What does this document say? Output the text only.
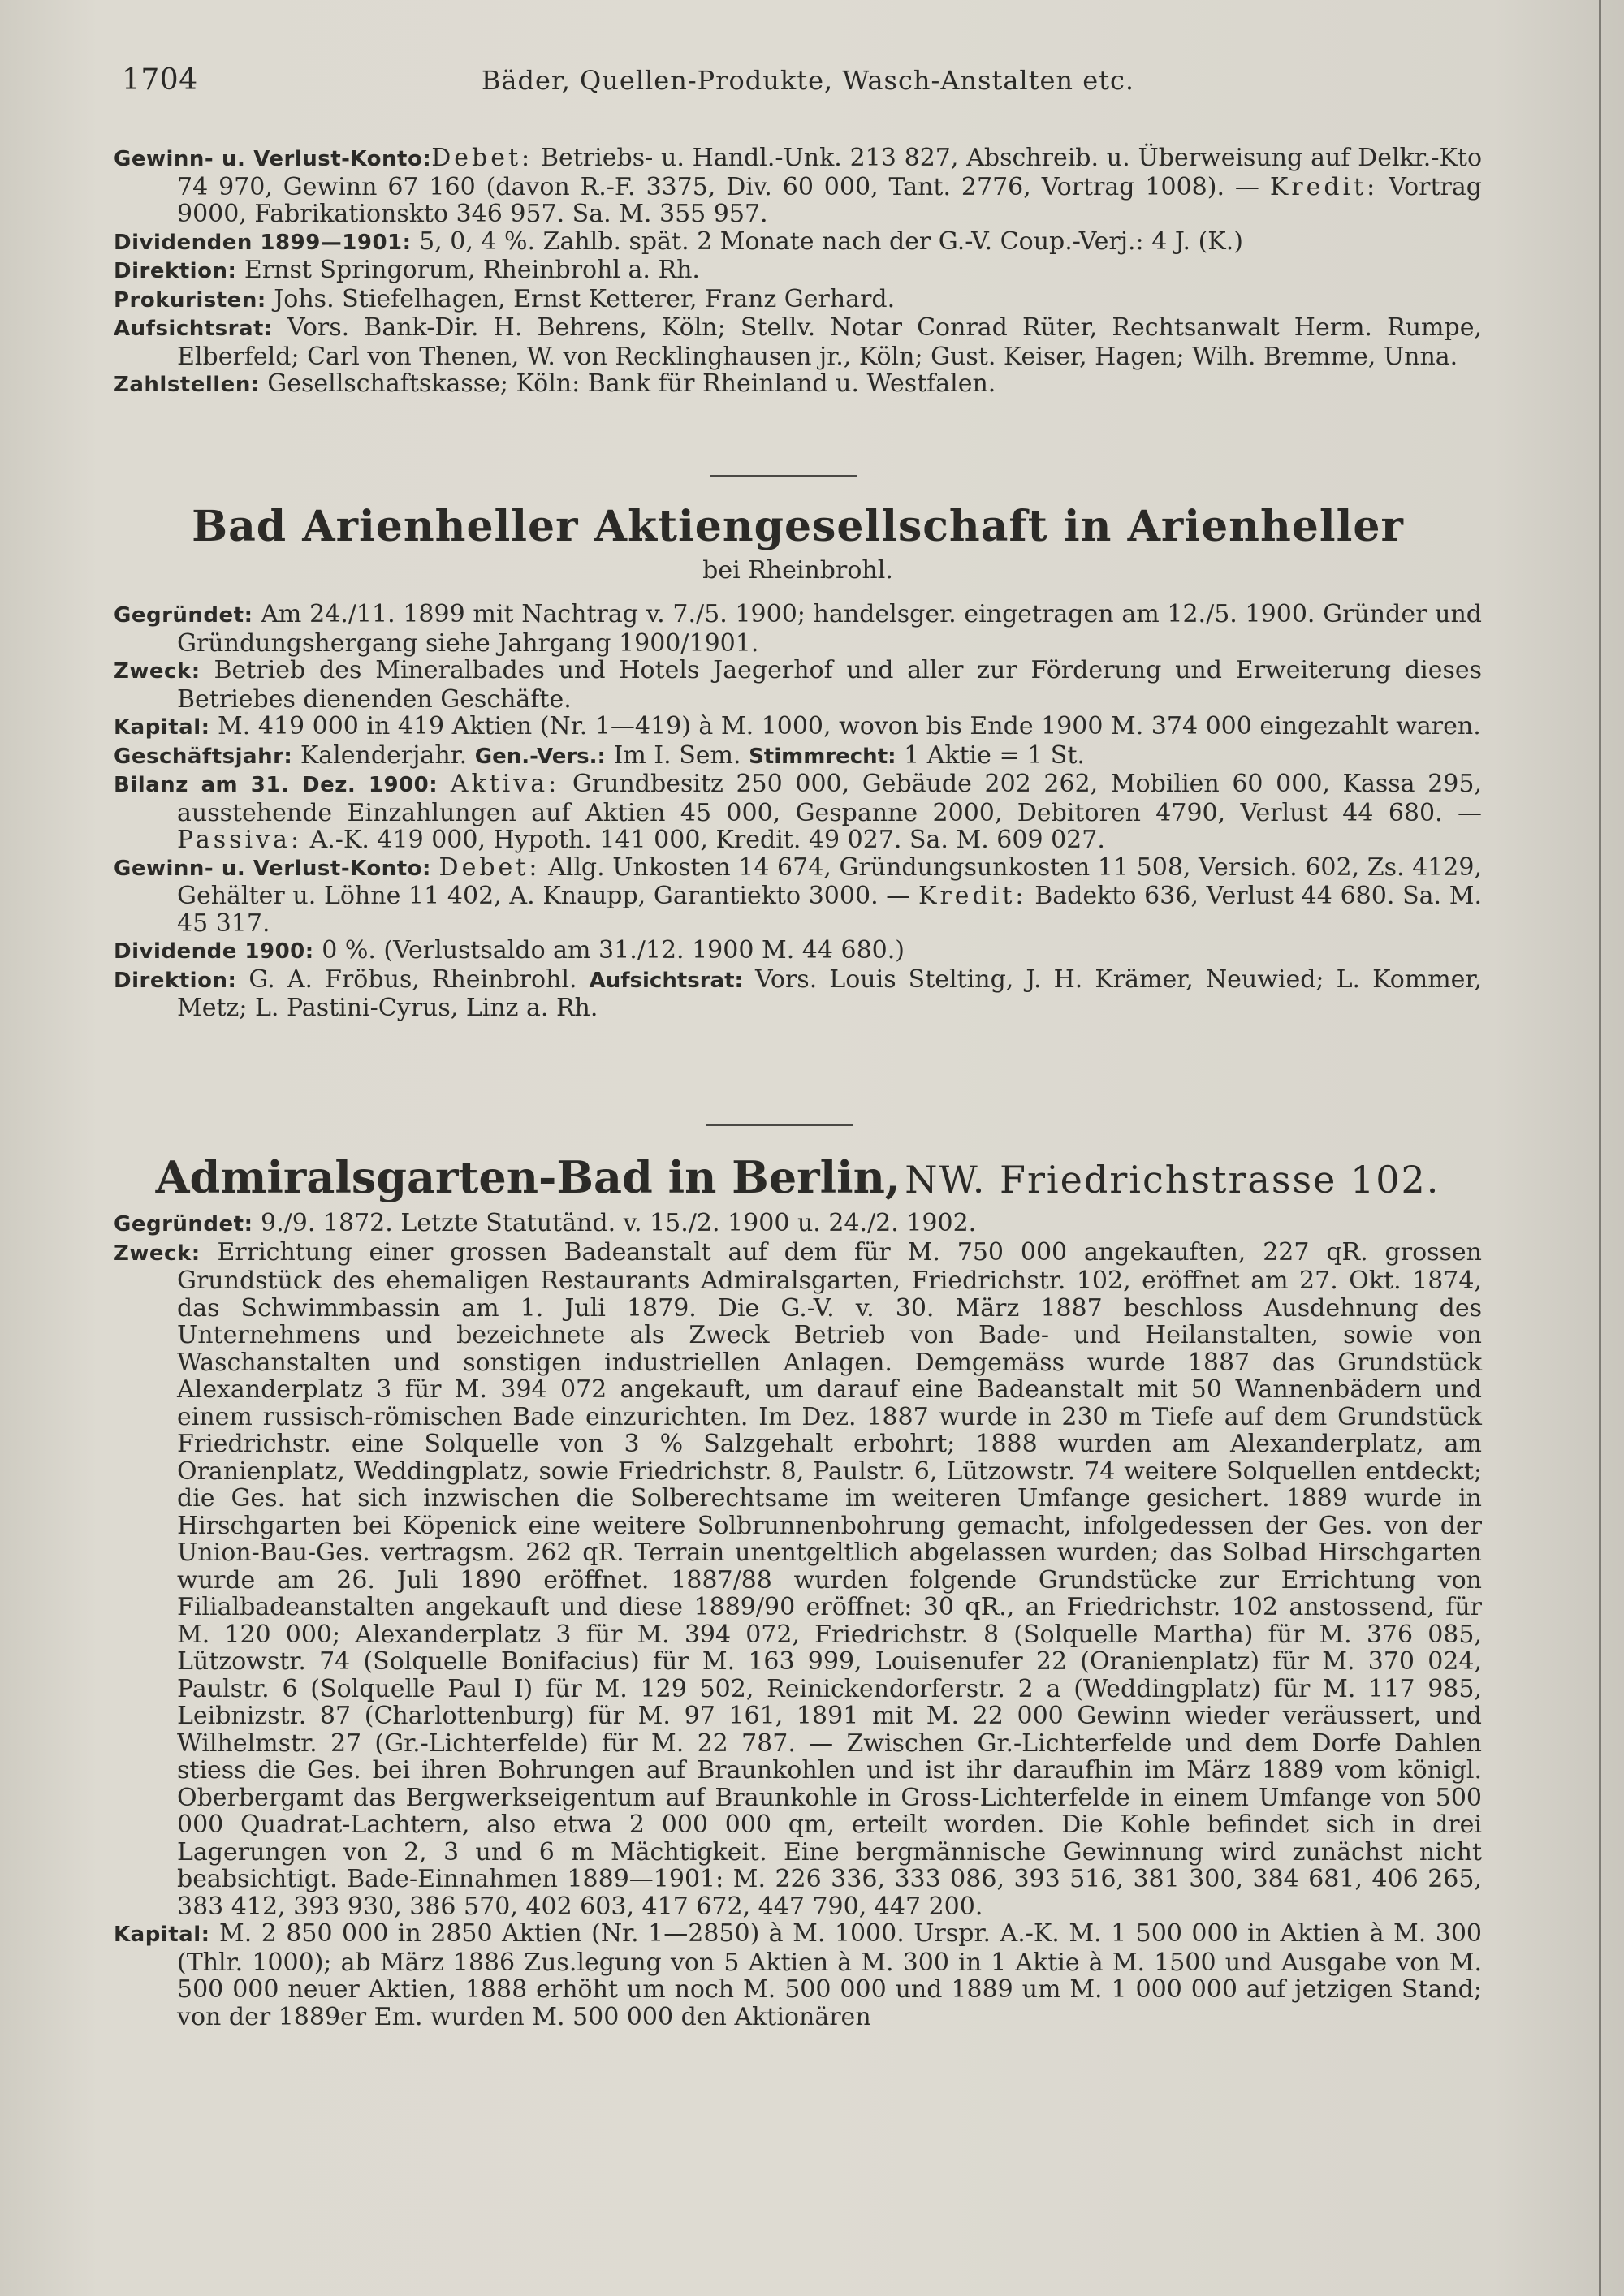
1704	Bäder, Quellen-Produkte, Wasch-Anstalten etc.

Gewinn- u. Verlust-Konto:Debet: Betriebs- u. Handl.-Unk. 213 827, Abschreib. u. Überweisung auf Delkr.-Kto 74 970, Gewinn 67 160 (davon R.-F. 3375, Div. 60 000, Tant. 2776, Vortrag 1008). — Kredit: Vortrag 9000, Fabrikationskto 346 957. Sa. M. 355 957.

Dividenden 1899—1901: 5, 0, 4 %. Zahlb. spät. 2 Monate nach der G.-V. Coup.-Verj.: 4 J. (K.)

Direktion: Ernst Springorum, Rheinbrohl a. Rh.

Prokuristen: Johs. Stiefelhagen, Ernst Ketterer, Franz Gerhard.

Aufsichtsrat: Vors. Bank-Dir. H. Behrens, Köln; Stellv. Notar Conrad Rüter, Rechtsanwalt Herm. Rumpe, Elberfeld; Carl von Thenen, W. von Recklinghausen jr., Köln; Gust. Keiser, Hagen; Wilh. Bremme, Unna.

Zahlstellen: Gesellschaftskasse; Köln: Bank für Rheinland u. Westfalen.

Bad Arienheller Aktiengesellschaft in Arienheller
bei Rheinbrohl.

Gegründet: Am 24./11. 1899 mit Nachtrag v. 7./5. 1900; handelsger. eingetragen am 12./5. 1900. Gründer und Gründungshergang siehe Jahrgang 1900/1901.

Zweck: Betrieb des Mineralbades und Hotels Jaegerhof und aller zur Förderung und Erweiterung dieses Betriebes dienenden Geschäfte.

Kapital: M. 419 000 in 419 Aktien (Nr. 1—419) à M. 1000, wovon bis Ende 1900 M. 374 000 eingezahlt waren.

Geschäftsjahr: Kalenderjahr. Gen.-Vers.: Im I. Sem. Stimmrecht: 1 Aktie = 1 St.

Bilanz am 31. Dez. 1900: Aktiva: Grundbesitz 250 000, Gebäude 202 262, Mobilien 60 000, Kassa 295, ausstehende Einzahlungen auf Aktien 45 000, Gespanne 2000, Debitoren 4790, Verlust 44 680. — Passiva: A.-K. 419 000, Hypoth. 141 000, Kredit. 49 027. Sa. M. 609 027.

Gewinn- u. Verlust-Konto: Debet: Allg. Unkosten 14 674, Gründungsunkosten 11 508, Versich. 602, Zs. 4129, Gehälter u. Löhne 11 402, A. Knaupp, Garantiekto 3000. — Kredit: Badekto 636, Verlust 44 680. Sa. M. 45 317.

Dividende 1900: 0 %. (Verlustsaldo am 31./12. 1900 M. 44 680.)

Direktion: G. A. Fröbus, Rheinbrohl. Aufsichtsrat: Vors. Louis Stelting, J. H. Krämer, Neuwied; L. Kommer, Metz; L. Pastini-Cyrus, Linz a. Rh.

Admiralsgarten-Bad in Berlin, NW. Friedrichstrasse 102.

Gegründet: 9./9. 1872. Letzte Statutänd. v. 15./2. 1900 u. 24./2. 1902.

Zweck: Errichtung einer grossen Badeanstalt auf dem für M. 750 000 angekauften, 227 qR. grossen Grundstück des ehemaligen Restaurants Admiralsgarten, Friedrichstr. 102, eröffnet am 27. Okt. 1874, das Schwimmbassin am 1. Juli 1879. Die G.-V. v. 30. März 1887 beschloss Ausdehnung des Unternehmens und bezeichnete als Zweck Betrieb von Bade- und Heilanstalten, sowie von Waschanstalten und sonstigen industriellen Anlagen. Demgemäss wurde 1887 das Grundstück Alexanderplatz 3 für M. 394 072 angekauft, um darauf eine Badeanstalt mit 50 Wannenbädern und einem russisch-römischen Bade einzurichten. Im Dez. 1887 wurde in 230 m Tiefe auf dem Grundstück Friedrichstr. eine Solquelle von 3 % Salzgehalt erbohrt; 1888 wurden am Alexanderplatz, am Oranienplatz, Weddingplatz, sowie Friedrichstr. 8, Paulstr. 6, Lützowstr. 74 weitere Solquellen entdeckt; die Ges. hat sich inzwischen die Solberechtsame im weiteren Umfange gesichert. 1889 wurde in Hirschgarten bei Köpenick eine weitere Solbrunnenbohrung gemacht, infolgedessen der Ges. von der Union-Bau-Ges. vertragsm. 262 qR. Terrain unentgeltlich abgelassen wurden; das Solbad Hirschgarten wurde am 26. Juli 1890 eröffnet. 1887/88 wurden folgende Grundstücke zur Errichtung von Filialbadeanstalten angekauft und diese 1889/90 eröffnet: 30 qR., an Friedrichstr. 102 anstossend, für M. 120 000; Alexanderplatz 3 für M. 394 072, Friedrichstr. 8 (Solquelle Martha) für M. 376 085, Lützowstr. 74 (Solquelle Bonifacius) für M. 163 999, Louisenufer 22 (Oranienplatz) für M. 370 024, Paulstr. 6 (Solquelle Paul I) für M. 129 502, Reinickendorferstr. 2 a (Weddingplatz) für M. 117 985, Leibnizstr. 87 (Charlottenburg) für M. 97 161, 1891 mit M. 22 000 Gewinn wieder veräussert, und Wilhelmstr. 27 (Gr.-Lichterfelde) für M. 22 787. — Zwischen Gr.-Lichterfelde und dem Dorfe Dahlen stiess die Ges. bei ihren Bohrungen auf Braunkohlen und ist ihr daraufhin im März 1889 vom königl. Oberbergamt das Bergwerkseigentum auf Braunkohle in Gross-Lichterfelde in einem Umfange von 500 000 Quadrat-Lachtern, also etwa 2 000 000 qm, erteilt worden. Die Kohle befindet sich in drei Lagerungen von 2, 3 und 6 m Mächtigkeit. Eine bergmännische Gewinnung wird zunächst nicht beabsichtigt. Bade-Einnahmen 1889—1901: M. 226 336, 333 086, 393 516, 381 300, 384 681, 406 265, 383 412, 393 930, 386 570, 402 603, 417 672, 447 790, 447 200.

Kapital: M. 2 850 000 in 2850 Aktien (Nr. 1—2850) à M. 1000. Urspr. A.-K. M. 1 500 000 in Aktien à M. 300 (Thlr. 1000); ab März 1886 Zus.legung von 5 Aktien à M. 300 in 1 Aktie à M. 1500 und Ausgabe von M. 500 000 neuer Aktien, 1888 erhöht um noch M. 500 000 und 1889 um M. 1 000 000 auf jetzigen Stand; von der 1889er Em. wurden M. 500 000 den Aktionären
